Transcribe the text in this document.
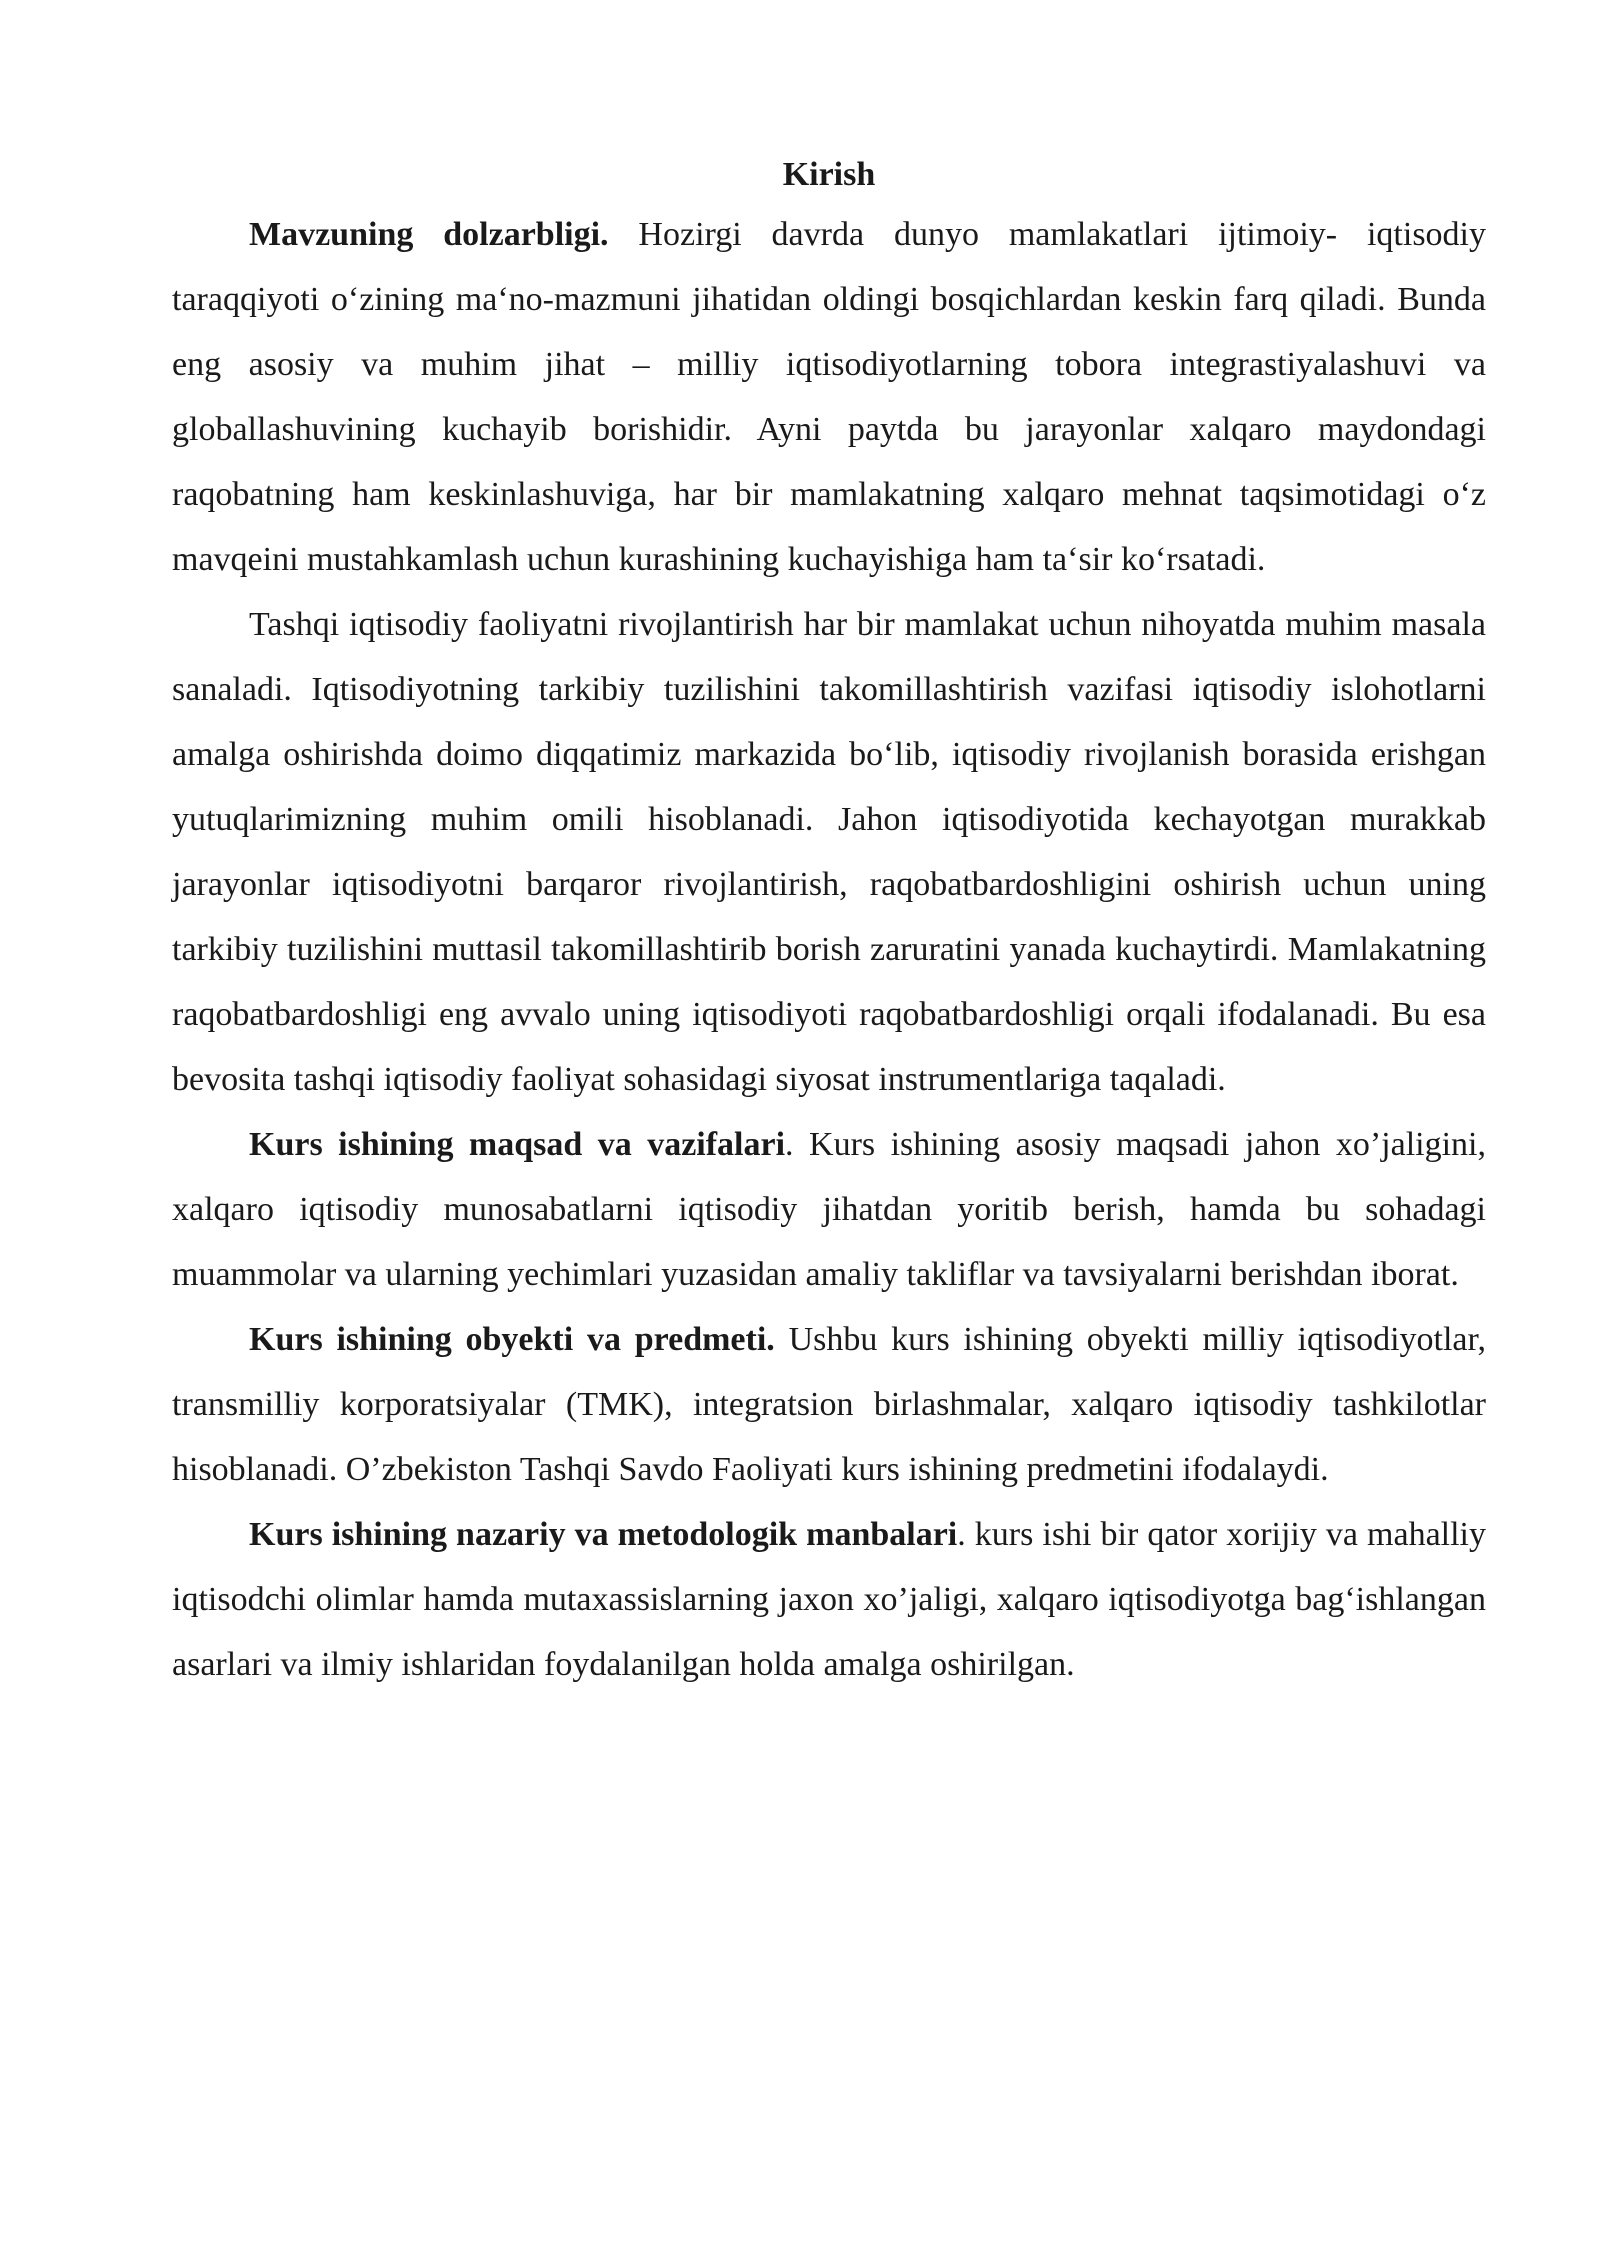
Kirish

Mavzuning dolzarbligi. Hozirgi davrda dunyo mamlakatlari ijtimoiy- iqtisodiy taraqqiyoti o‘zining ma‘no-mazmuni jihatidan oldingi bosqichlardan keskin farq qiladi. Bunda eng asosiy va muhim jihat – milliy iqtisodiyotlarning tobora integrastiyalashuvi va globallashuvining kuchayib borishidir. Ayni paytda bu jarayonlar xalqaro maydondagi raqobatning ham keskinlashuviga, har bir mamlakatning xalqaro mehnat taqsimotidagi o‘z mavqeini mustahkamlash uchun kurashining kuchayishiga ham ta‘sir ko‘rsatadi.

Tashqi iqtisodiy faoliyatni rivojlantirish har bir mamlakat uchun nihoyatda muhim masala sanaladi. Iqtisodiyotning tarkibiy tuzilishini takomillashtirish vazifasi iqtisodiy islohotlarni amalga oshirishda doimo diqqatimiz markazida bo‘lib, iqtisodiy rivojlanish borasida erishgan yutuqlarimizning muhim omili hisoblanadi. Jahon iqtisodiyotida kechayotgan murakkab jarayonlar iqtisodiyotni barqaror rivojlantirish, raqobatbardoshligini oshirish uchun uning tarkibiy tuzilishini muttasil takomillashtirib borish zaruratini yanada kuchaytirdi. Mamlakatning raqobatbardoshligi eng avvalo uning iqtisodiyoti raqobatbardoshligi orqali ifodalanadi. Bu esa bevosita tashqi iqtisodiy faoliyat sohasidagi siyosat instrumentlariga taqaladi.

Kurs ishining maqsad va vazifalari. Kurs ishining asosiy maqsadi jahon xo’jaligini, xalqaro iqtisodiy munosabatlarni iqtisodiy jihatdan yoritib berish, hamda bu sohadagi muammolar va ularning yechimlari yuzasidan amaliy takliflar va tavsiyalarni berishdan iborat.

Kurs ishining obyekti va predmeti. Ushbu kurs ishining obyekti milliy iqtisodiyotlar, transmilliy korporatsiyalar (TMK), integratsion birlashmalar, xalqaro iqtisodiy tashkilotlar hisoblanadi. O’zbekiston Tashqi Savdo Faoliyati kurs ishining predmetini ifodalaydi.

Kurs ishining nazariy va metodologik manbalari. kurs ishi bir qator xorijiy va mahalliy iqtisodchi olimlar hamda mutaxassislarning jaxon xo’jaligi, xalqaro iqtisodiyotga bag‘ishlangan asarlari va ilmiy ishlaridan foydalanilgan holda amalga oshirilgan.
